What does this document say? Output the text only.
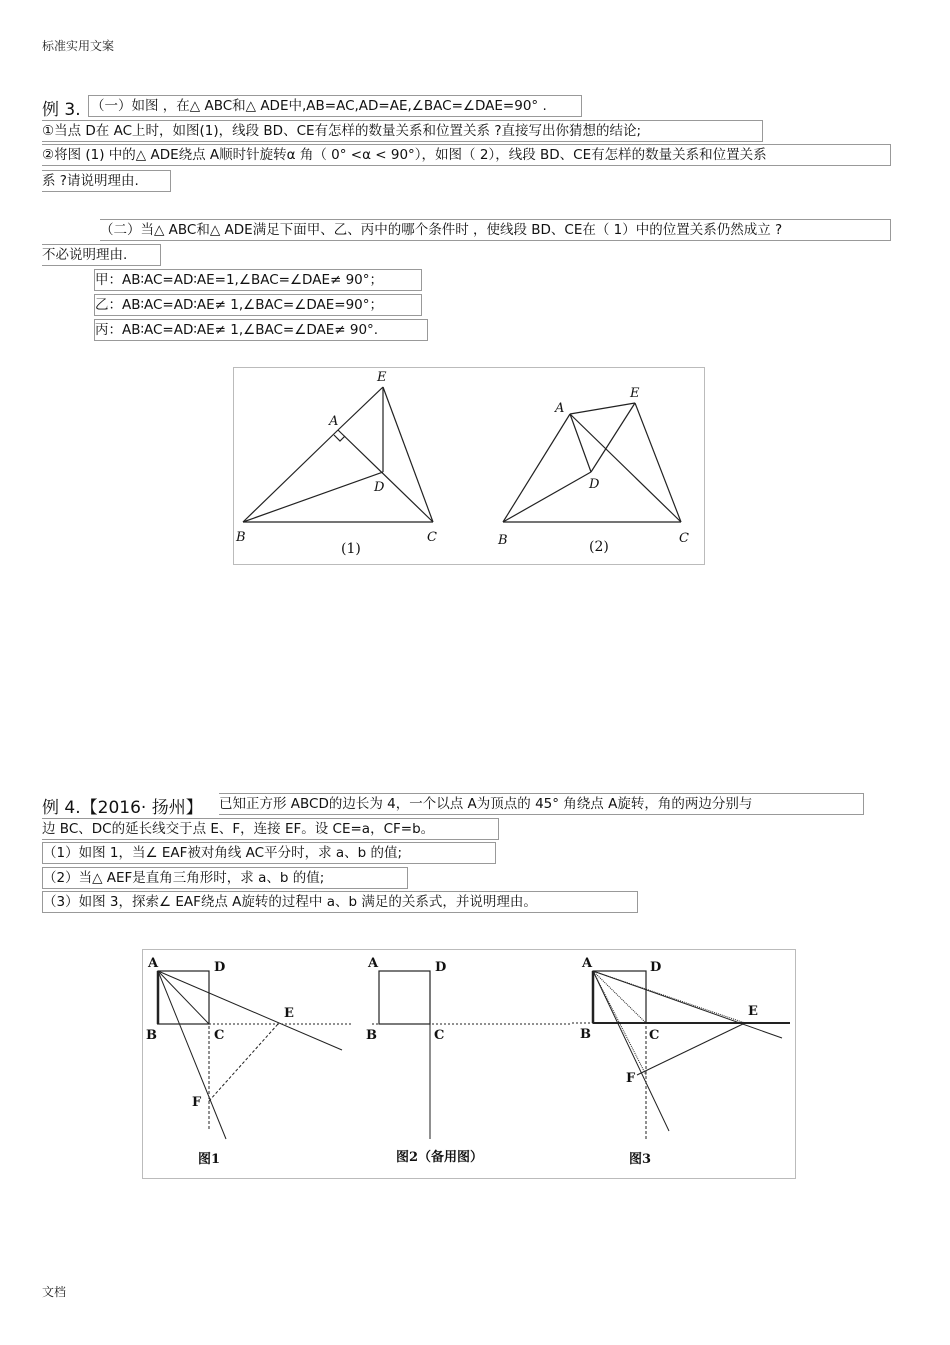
标准实用文案
例 3. （一）如图 ，在△ ABC和△ ADE中,AB=AC,AD=AE,∠BAC=∠DAE=90° .
①当点 D在 AC上时，如图(1)，线段 BD、CE有怎样的数量关系和位置关系 ?直接写出你猜想的结论;
②将图 (1) 中的△ ADE绕点 A顺时针旋转α 角（ 0° <α < 90°），如图（ 2），线段 BD、CE有怎样的数量关系和位置关系
系 ?请说明理由.
（二）当△ ABC和△ ADE满足下面甲、乙、丙中的哪个条件时 ，使线段 BD、CE在（ 1）中的位置关系仍然成立 ?
不必说明理由.
甲：AB∶AC=AD∶AE=1,∠BAC=∠DAE≠ 90°；
乙：AB∶AC=AD∶AE≠ 1,∠BAC=∠DAE=90°；
丙：AB∶AC=AD∶AE≠ 1,∠BAC=∠DAE≠ 90°.
A
E
D
B	C
(1)
A
E
D
B	C
(2)
例 4.【2016· 扬州】 已知正方形 ABCD的边长为 4，一个以点 A为顶点的 45° 角绕点 A旋转，角的两边分别与
边 BC、DC的延长线交于点 E、F，连接 EF。设 CE=a，CF=b。
（1）如图 1，当∠ EAF被对角线 AC平分时，求 a、b 的值;
（2）当△ AEF是直角三角形时，求 a、b 的值;
（3）如图 3，探索∠ EAF绕点 A旋转的过程中 a、b 满足的关系式，并说明理由。
A	D
B	C
E
F
图1
A	D
B	C
图2（备用图）
A	D
B	C
E
F
图3
文档
